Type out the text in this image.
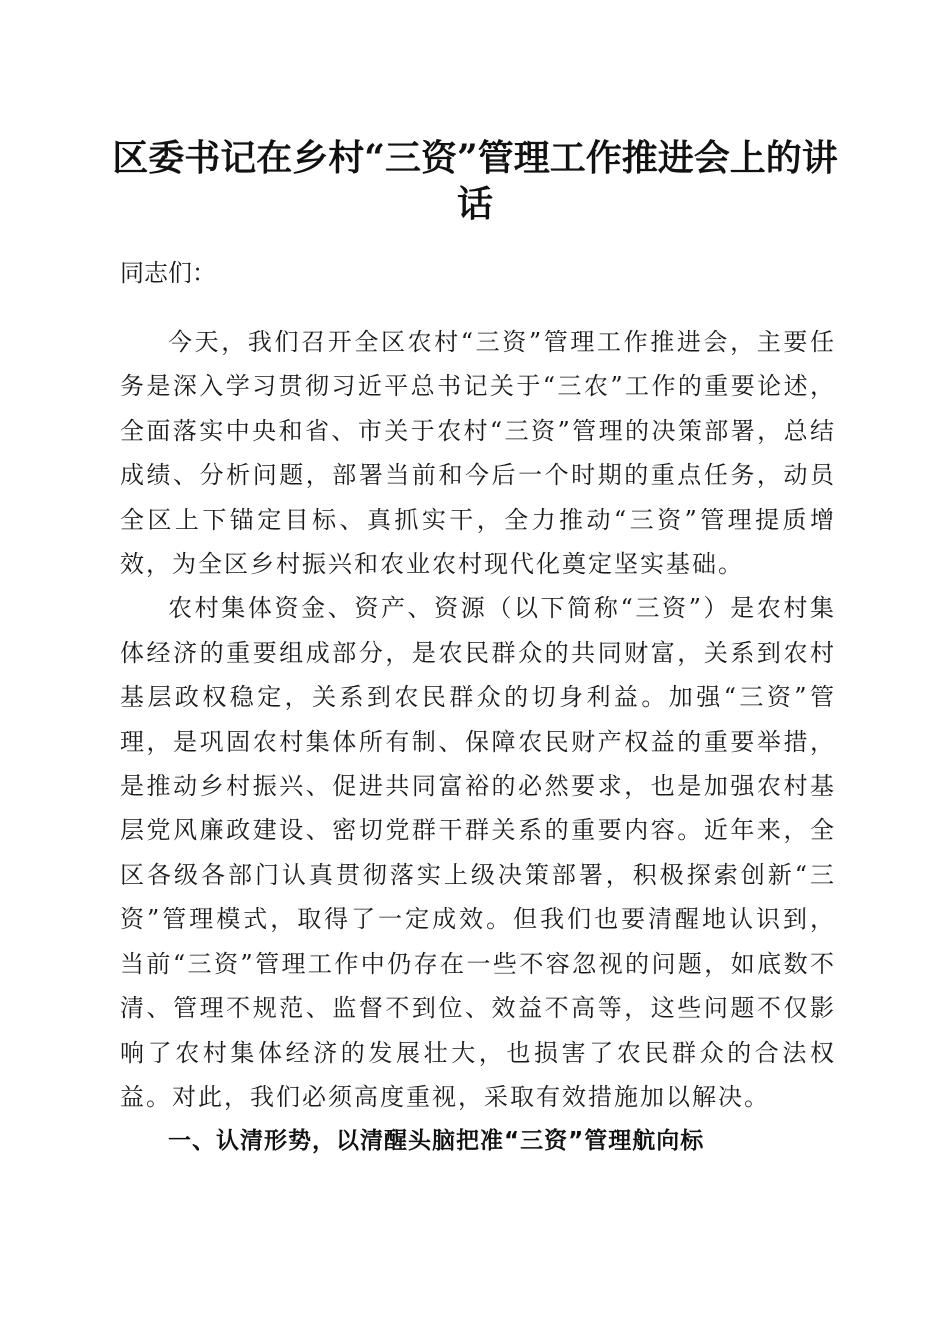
区委书记在乡村“三资”管理工作推进会上的讲话

同志们：

今天，我们召开全区农村“三资”管理工作推进会，主要任务是深入学习贯彻习近平总书记关于“三农”工作的重要论述，全面落实中央和省、市关于农村“三资”管理的决策部署，总结成绩、分析问题，部署当前和今后一个时期的重点任务，动员全区上下锚定目标、真抓实干，全力推动“三资”管理提质增效，为全区乡村振兴和农业农村现代化奠定坚实基础。

农村集体资金、资产、资源（以下简称“三资”）是农村集体经济的重要组成部分，是农民群众的共同财富，关系到农村基层政权稳定，关系到农民群众的切身利益。加强“三资”管理，是巩固农村集体所有制、保障农民财产权益的重要举措，是推动乡村振兴、促进共同富裕的必然要求，也是加强农村基层党风廉政建设、密切党群干群关系的重要内容。近年来，全区各级各部门认真贯彻落实上级决策部署，积极探索创新“三资”管理模式，取得了一定成效。但我们也要清醒地认识到，当前“三资”管理工作中仍存在一些不容忽视的问题，如底数不清、管理不规范、监督不到位、效益不高等，这些问题不仅影响了农村集体经济的发展壮大，也损害了农民群众的合法权益。对此，我们必须高度重视，采取有效措施加以解决。

一、认清形势，以清醒头脑把准“三资”管理航向标
